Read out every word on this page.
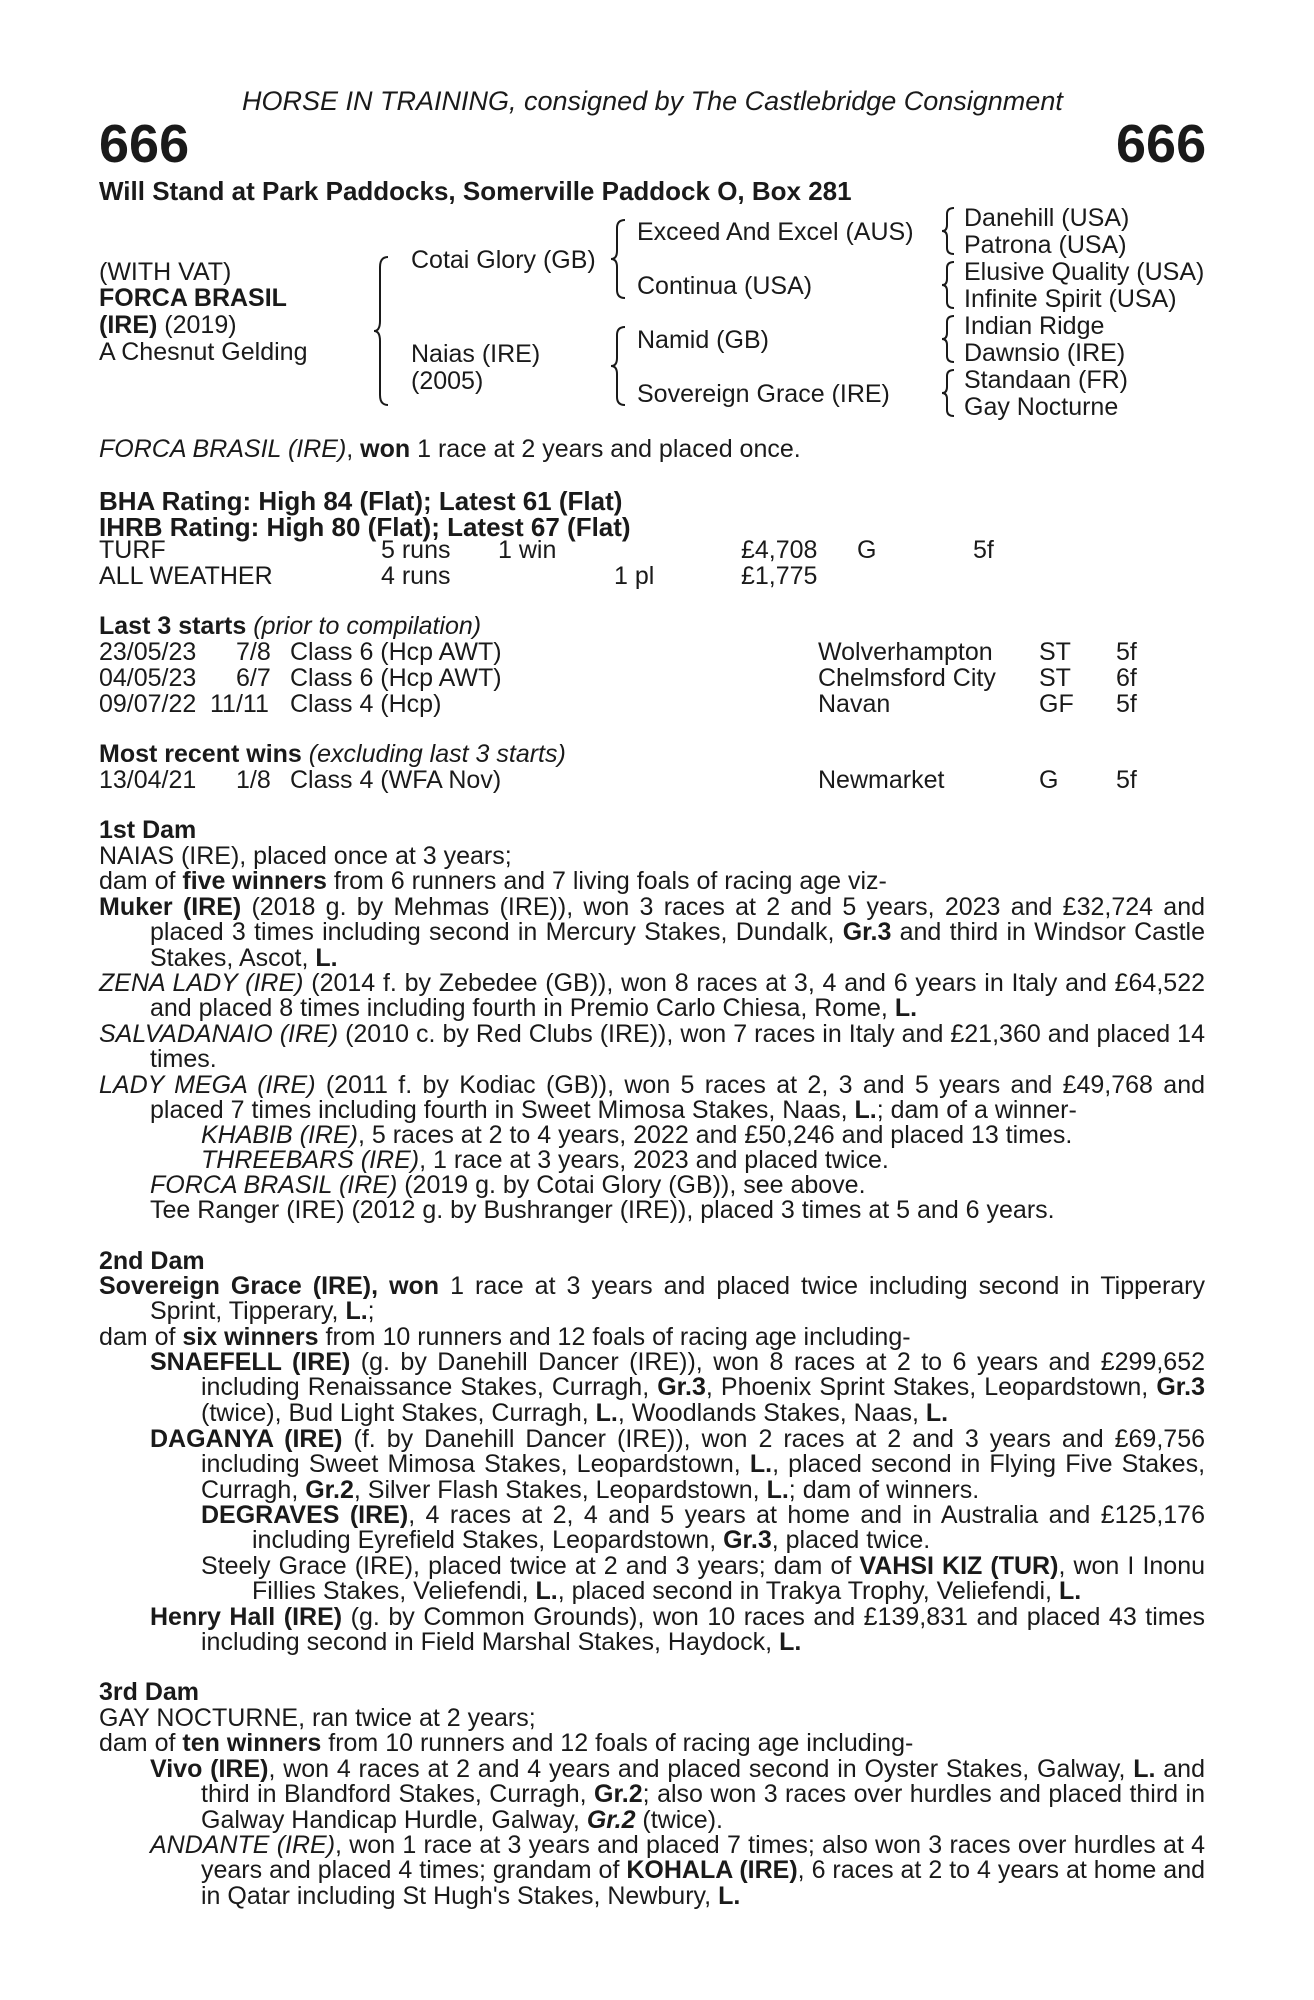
HORSE IN TRAINING, consigned by The Castlebridge Consignment
666	666
Will Stand at Park Paddocks, Somerville Paddock O, Box 281
(WITH VAT)
FORCA BRASIL
(IRE) (2019)
A Chesnut Gelding
Cotai Glory (GB)
Naias (IRE)
(2005)
Exceed And Excel (AUS)
Continua (USA)
Namid (GB)
Sovereign Grace (IRE)
Danehill (USA)
Patrona (USA)
Elusive Quality (USA)
Infinite Spirit (USA)
Indian Ridge
Dawnsio (IRE)
Standaan (FR)
Gay Nocturne
FORCA BRASIL (IRE), won 1 race at 2 years and placed once.
BHA Rating: High 84 (Flat); Latest 61 (Flat)
IHRB Rating: High 80 (Flat); Latest 67 (Flat)
TURF	5 runs 1 win	£4,708 G	5f
ALL WEATHER	4 runs	1 pl	£1,775
Last 3 starts (prior to compilation)
23/05/23 7/8 Class 6 (Hcp AWT)	Wolverhampton ST 5f
04/05/23 6/7 Class 6 (Hcp AWT)	Chelmsford City ST 6f
09/07/22 11/11 Class 4 (Hcp)	Navan	GF 5f
Most recent wins (excluding last 3 starts)
13/04/21 1/8 Class 4 (WFA Nov)	Newmarket	G 5f
1st Dam
NAIAS (IRE), placed once at 3 years;
dam of five winners from 6 runners and 7 living foals of racing age viz-
Muker (IRE) (2018 g. by Mehmas (IRE)), won 3 races at 2 and 5 years, 2023 and £32,724 and placed 3 times including second in Mercury Stakes, Dundalk, Gr.3 and third in Windsor Castle Stakes, Ascot, L.
ZENA LADY (IRE) (2014 f. by Zebedee (GB)), won 8 races at 3, 4 and 6 years in Italy and £64,522 and placed 8 times including fourth in Premio Carlo Chiesa, Rome, L.
SALVADANAIO (IRE) (2010 c. by Red Clubs (IRE)), won 7 races in Italy and £21,360 and placed 14 times.
LADY MEGA (IRE) (2011 f. by Kodiac (GB)), won 5 races at 2, 3 and 5 years and £49,768 and placed 7 times including fourth in Sweet Mimosa Stakes, Naas, L.; dam of a winner-
KHABIB (IRE), 5 races at 2 to 4 years, 2022 and £50,246 and placed 13 times.
THREEBARS (IRE), 1 race at 3 years, 2023 and placed twice.
FORCA BRASIL (IRE) (2019 g. by Cotai Glory (GB)), see above.
Tee Ranger (IRE) (2012 g. by Bushranger (IRE)), placed 3 times at 5 and 6 years.
2nd Dam
Sovereign Grace (IRE), won 1 race at 3 years and placed twice including second in Tipperary Sprint, Tipperary, L.;
dam of six winners from 10 runners and 12 foals of racing age including-
SNAEFELL (IRE) (g. by Danehill Dancer (IRE)), won 8 races at 2 to 6 years and £299,652 including Renaissance Stakes, Curragh, Gr.3, Phoenix Sprint Stakes, Leopardstown, Gr.3 (twice), Bud Light Stakes, Curragh, L., Woodlands Stakes, Naas, L.
DAGANYA (IRE) (f. by Danehill Dancer (IRE)), won 2 races at 2 and 3 years and £69,756 including Sweet Mimosa Stakes, Leopardstown, L., placed second in Flying Five Stakes, Curragh, Gr.2, Silver Flash Stakes, Leopardstown, L.; dam of winners.
DEGRAVES (IRE), 4 races at 2, 4 and 5 years at home and in Australia and £125,176 including Eyrefield Stakes, Leopardstown, Gr.3, placed twice.
Steely Grace (IRE), placed twice at 2 and 3 years; dam of VAHSI KIZ (TUR), won I Inonu Fillies Stakes, Veliefendi, L., placed second in Trakya Trophy, Veliefendi, L.
Henry Hall (IRE) (g. by Common Grounds), won 10 races and £139,831 and placed 43 times including second in Field Marshal Stakes, Haydock, L.
3rd Dam
GAY NOCTURNE, ran twice at 2 years;
dam of ten winners from 10 runners and 12 foals of racing age including-
Vivo (IRE), won 4 races at 2 and 4 years and placed second in Oyster Stakes, Galway, L. and third in Blandford Stakes, Curragh, Gr.2; also won 3 races over hurdles and placed third in Galway Handicap Hurdle, Galway, Gr.2 (twice).
ANDANTE (IRE), won 1 race at 3 years and placed 7 times; also won 3 races over hurdles at 4 years and placed 4 times; grandam of KOHALA (IRE), 6 races at 2 to 4 years at home and in Qatar including St Hugh's Stakes, Newbury, L.
